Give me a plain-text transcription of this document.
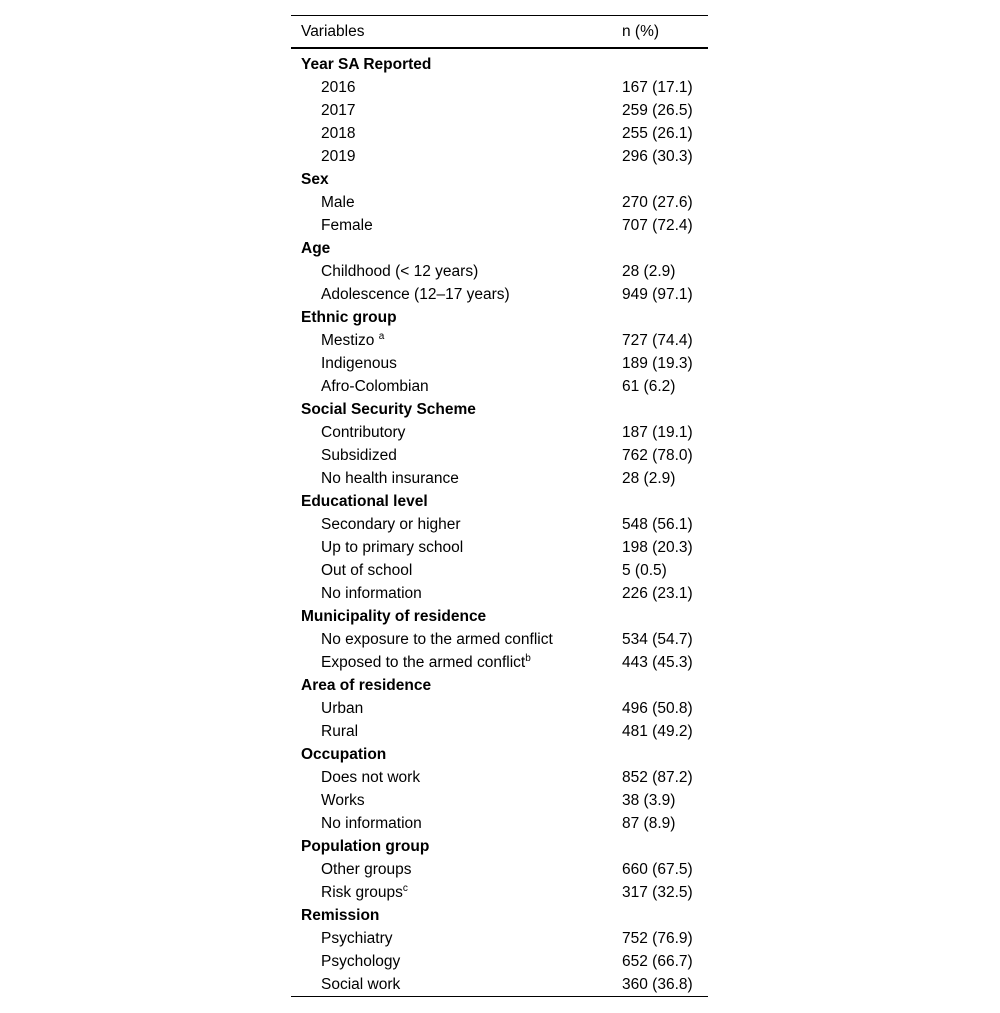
Variables	n (%)

Year SA Reported	
2016	167 (17.1)
2017	259 (26.5)
2018	255 (26.1)
2019	296 (30.3)
Sex	
Male	270 (27.6)
Female	707 (72.4)
Age	
Childhood (< 12 years)	28 (2.9)
Adolescence (12–17 years)	949 (97.1)
Ethnic group	
Mestizo $^a$	727 (74.4)
Indigenous	189 (19.3)
Afro-Colombian	61 (6.2)
Social Security Scheme	
Contributory	187 (19.1)
Subsidized	762 (78.0)
No health insurance	28 (2.9)
Educational level	
Secondary or higher	548 (56.1)
Up to primary school	198 (20.3)
Out of school	5 (0.5)
No information	226 (23.1)
Municipality of residence	
No exposure to the armed conflict	534 (54.7)
Exposed to the armed conflict$^b$	443 (45.3)
Area of residence	
Urban	496 (50.8)
Rural	481 (49.2)
Occupation	
Does not work	852 (87.2)
Works	38 (3.9)
No information	87 (8.9)
Population group	
Other groups	660 (67.5)
Risk groups$^c$	317 (32.5)
Remission	
Psychiatry	752 (76.9)
Psychology	652 (66.7)
Social work	360 (36.8)
